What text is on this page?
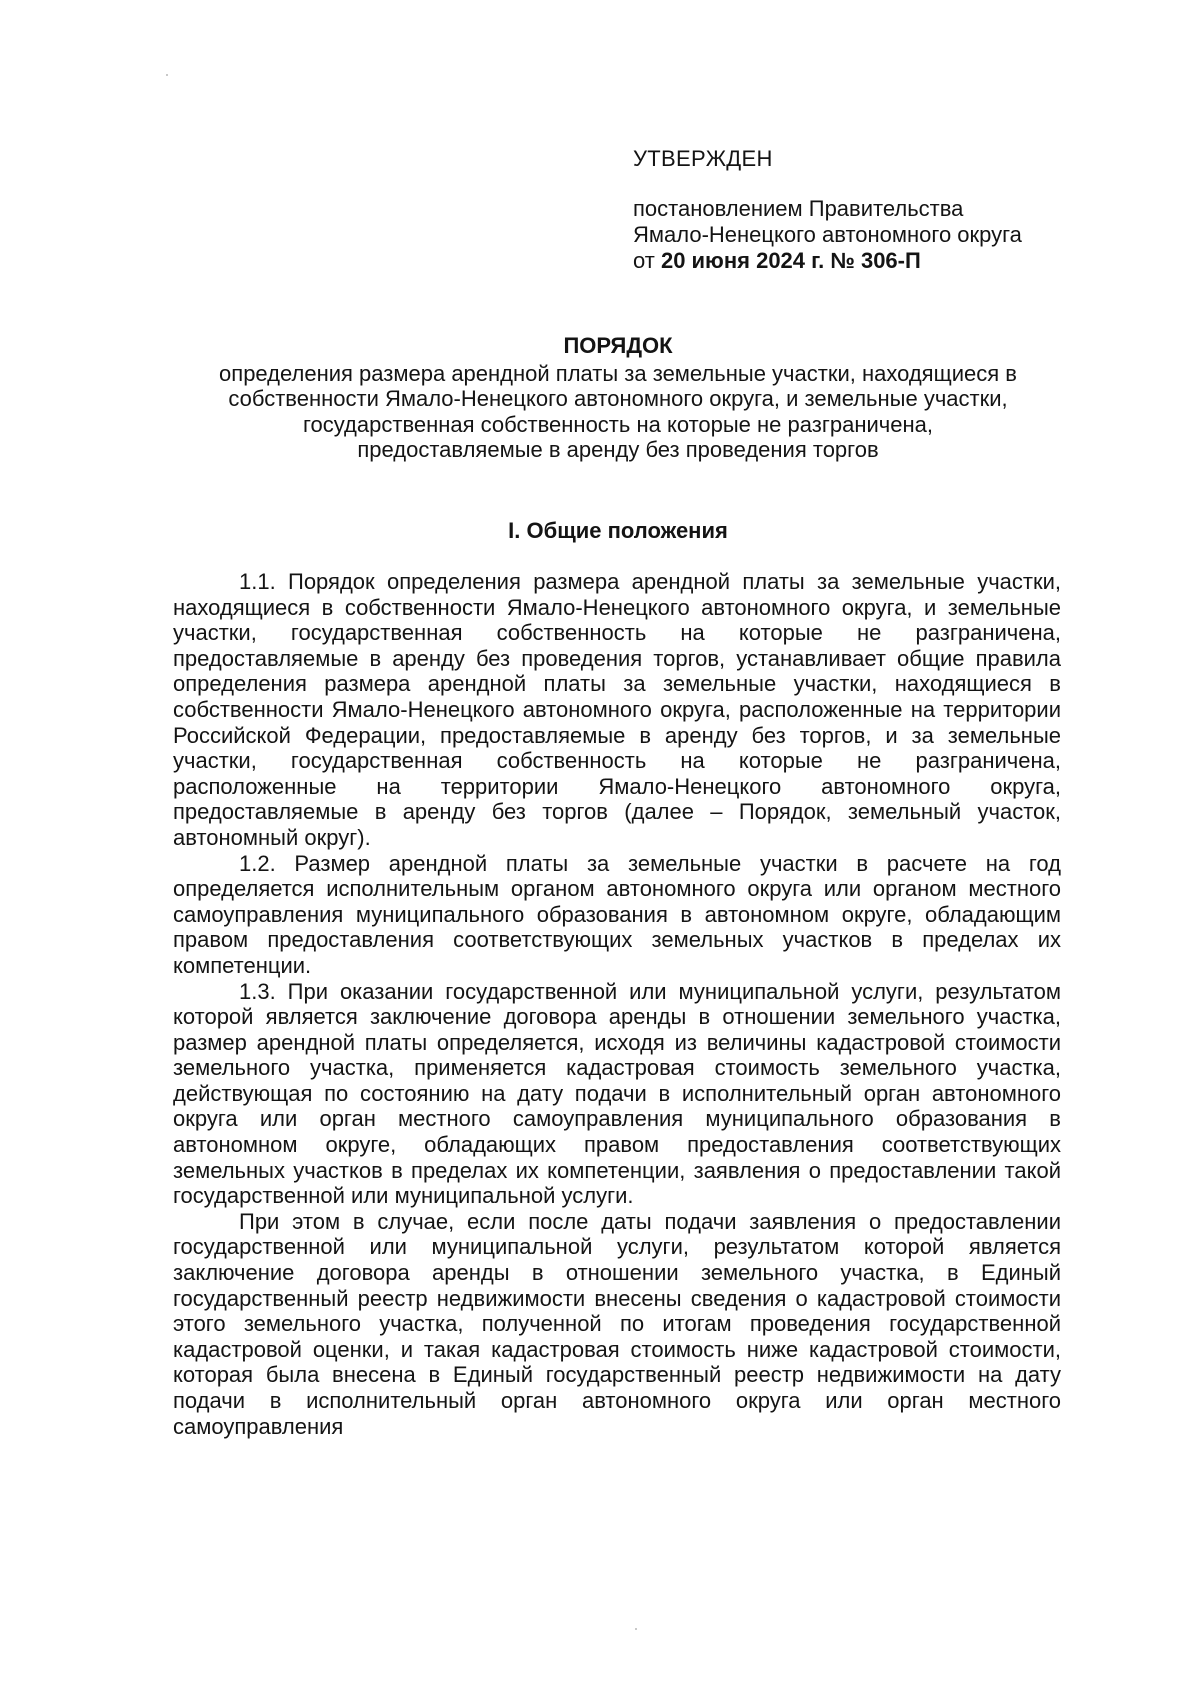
УТВЕРЖДЕН

постановлением Правительства

Ямало-Ненецкого автономного округа

от 20 июня 2024 г. № 306-П

ПОРЯДОК

определения размера арендной платы за земельные участки, находящиеся в

собственности Ямало-Ненецкого автономного округа, и земельные участки,

государственная собственность на которые не разграничена,

предоставляемые в аренду без проведения торгов

I. Общие положения

1.1. Порядок определения размера арендной платы за земельные участки, находящиеся в собственности Ямало-Ненецкого автономного округа, и земельные участки, государственная собственность на которые не разграничена, предоставляемые в аренду без проведения торгов, устанавливает общие правила определения размера арендной платы за земельные участки, находящиеся в собственности Ямало-Ненецкого автономного округа, расположенные на территории Российской Федерации, предоставляемые в аренду без торгов, и за земельные участки, государственная собственность на которые не разграничена, расположенные на территории Ямало-Ненецкого автономного округа, предоставляемые в аренду без торгов (далее – Порядок, земельный участок, автономный округ).

1.2. Размер арендной платы за земельные участки в расчете на год определяется исполнительным органом автономного округа или органом местного самоуправления муниципального образования в автономном округе, обладающим правом предоставления соответствующих земельных участков в пределах их компетенции.

1.3. При оказании государственной или муниципальной услуги, результатом которой является заключение договора аренды в отношении земельного участка, размер арендной платы определяется, исходя из величины кадастровой стоимости земельного участка, применяется кадастровая стоимость земельного участка, действующая по состоянию на дату подачи в исполнительный орган автономного округа или орган местного самоуправления муниципального образования в автономном округе, обладающих правом предоставления соответствующих земельных участков в пределах их компетенции, заявления о предоставлении такой государственной или муниципальной услуги.

При этом в случае, если после даты подачи заявления о предоставлении государственной или муниципальной услуги, результатом которой является заключение договора аренды в отношении земельного участка, в Единый государственный реестр недвижимости внесены сведения о кадастровой стоимости этого земельного участка, полученной по итогам проведения государственной кадастровой оценки, и такая кадастровая стоимость ниже кадастровой стоимости, которая была внесена в Единый государственный реестр недвижимости на дату подачи в исполнительный орган автономного округа или орган местного самоуправления
